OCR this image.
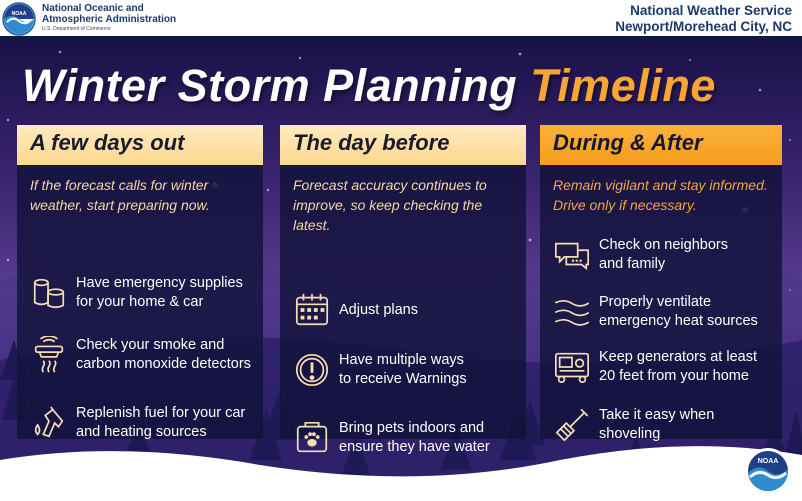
NOAA National Oceanic and
Atmospheric Administration
U.S. Department of Commerce
National Weather Service
Newport/Morehead City, NC
Winter Storm Planning Timeline
A few days out
If the forecast calls for winter weather, start preparing now.
Have emergency supplies
for your home & car
Check your smoke and
carbon monoxide detectors
Replenish fuel for your car
and heating sources
The day before
Forecast accuracy continues to improve, so keep checking the latest.
Adjust plans
Have multiple ways
to receive Warnings
Bring pets indoors and
ensure they have water
During & After
Remain vigilant and stay informed. Drive only if necessary.
Check on neighbors
and family
Properly ventilate
emergency heat sources
Keep generators at least
20 feet from your home
Take it easy when shoveling
weather.gov
NOAA
